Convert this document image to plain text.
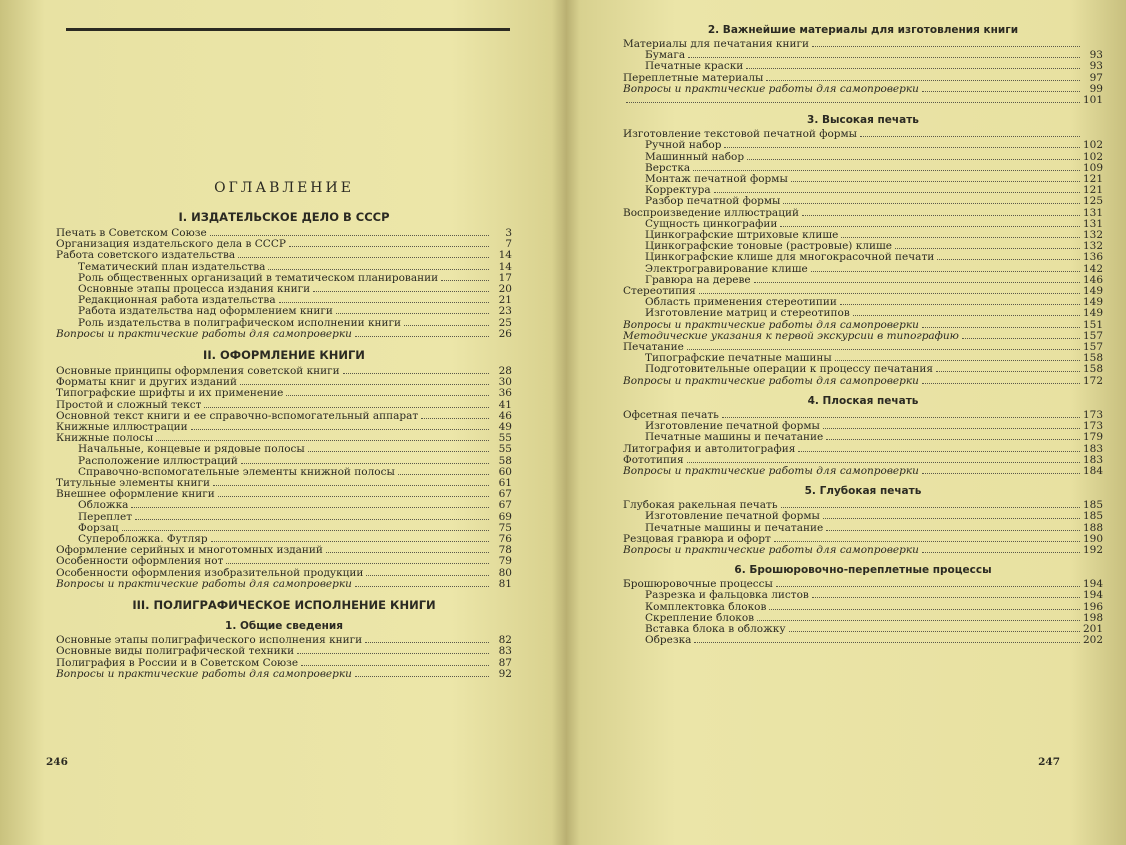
ОГЛАВЛЕНИЕ
I. ИЗДАТЕЛЬСКОЕ ДЕЛО В СССР
Печать в Советском Союзе	3
Организация издательского дела в СССР	7
Работа советского издательства	14
Тематический план издательства	14
Роль общественных организаций в тематическом планировании	17
Основные этапы процесса издания книги	20
Редакционная работа издательства	21
Работа издательства над оформлением книги	23
Роль издательства в полиграфическом исполнении книги	25
Вопросы и практические работы для самопроверки	26
II. ОФОРМЛЕНИЕ КНИГИ
Основные принципы оформления советской книги	28
Форматы книг и других изданий	30
Типографские шрифты и их применение	36
Простой и сложный текст	41
Основной текст книги и ее справочно-вспомогательный аппарат	46
Книжные иллюстрации	49
Книжные полосы	55
Начальные, концевые и рядовые полосы	55
Расположение иллюстраций	58
Справочно-вспомогательные элементы книжной полосы	60
Титульные элементы книги	61
Внешнее оформление книги	67
Обложка	67
Переплет	69
Форзац	75
Суперобложка. Футляр	76
Оформление серийных и многотомных изданий	78
Особенности оформления нот	79
Особенности оформления изобразительной продукции	80
Вопросы и практические работы для самопроверки	81
III. ПОЛИГРАФИЧЕСКОЕ ИСПОЛНЕНИЕ КНИГИ
1. Общие сведения
Основные этапы полиграфического исполнения книги	82
Основные виды полиграфической техники	83
Полиграфия в России и в Советском Союзе	87
Вопросы и практические работы для самопроверки	92
246
2. Важнейшие материалы для изготовления книги
Материалы для печатания книги
Бумага	93
Печатные краски	93
Переплетные материалы	97
Вопросы и практические работы для самопроверки	99
101
3. Высокая печать
Изготовление текстовой печатной формы
Ручной набор	102
Машинный набор	102
Верстка	109
Монтаж печатной формы	121
Корректура	121
Разбор печатной формы	125
Воспроизведение иллюстраций	131
Сущность цинкографии	131
Цинкографские штриховые клише	132
Цинкографские тоновые (растровые) клише	132
Цинкографские клише для многокрасочной печати	136
Электрогравирование клише	142
Гравюра на дереве	146
Стереотипия	149
Область применения стереотипии	149
Изготовление матриц и стереотипов	149
Вопросы и практические работы для самопроверки	151
Методические указания к первой экскурсии в типографию	157
Печатание	157
Типографские печатные машины	158
Подготовительные операции к процессу печатания	158
Вопросы и практические работы для самопроверки	172
4. Плоская печать
Офсетная печать	173
Изготовление печатной формы	173
Печатные машины и печатание	179
Литография и автолитография	183
Фототипия	183
Вопросы и практические работы для самопроверки	184
5. Глубокая печать
Глубокая ракельная печать	185
Изготовление печатной формы	185
Печатные машины и печатание	188
Резцовая гравюра и офорт	190
Вопросы и практические работы для самопроверки	192
6. Брошюровочно-переплетные процессы
Брошюровочные процессы	194
Разрезка и фальцовка листов	194
Комплектовка блоков	196
Скрепление блоков	198
Вставка блока в обложку	201
Обрезка	202
247
